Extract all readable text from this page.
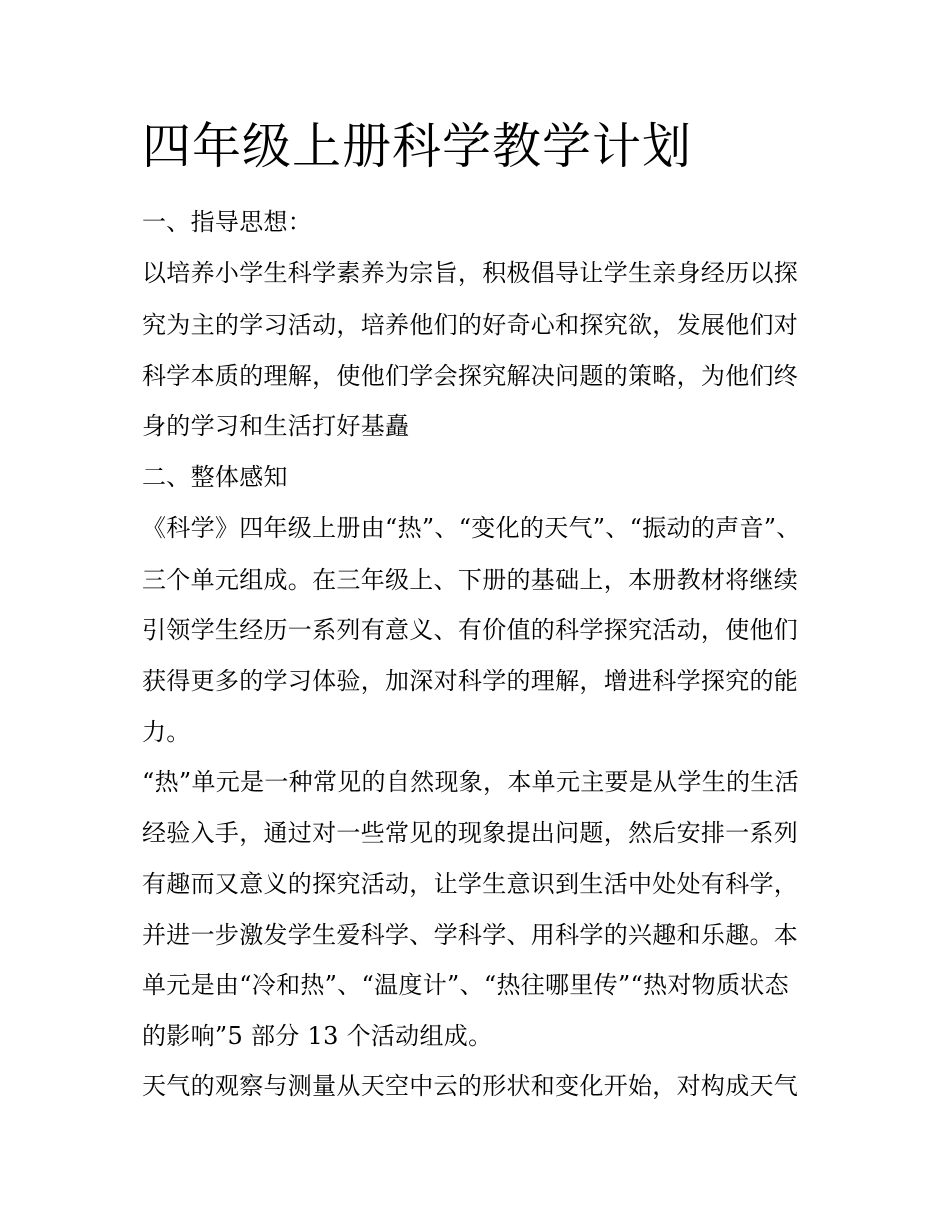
四年级上册科学教学计划
一、指导思想：
以培养小学生科学素养为宗旨，积极倡导让学生亲身经历以探
究为主的学习活动，培养他们的好奇心和探究欲，发展他们对
科学本质的理解，使他们学会探究解决问题的策略，为他们终
身的学习和生活打好基矗
二、整体感知
《科学》四年级上册由“热”、“变化的天气”、“振动的声音”、
三个单元组成。在三年级上、下册的基础上，本册教材将继续
引领学生经历一系列有意义、有价值的科学探究活动，使他们
获得更多的学习体验，加深对科学的理解，增进科学探究的能
力。
“热”单元是一种常见的自然现象，本单元主要是从学生的生活
经验入手，通过对一些常见的现象提出问题，然后安排一系列
有趣而又意义的探究活动，让学生意识到生活中处处有科学，
并进一步激发学生爱科学、学科学、用科学的兴趣和乐趣。本
单元是由“冷和热”、“温度计”、“热往哪里传”“热对物质状态
的影响”5 部分 13 个活动组成。
天气的观察与测量从天空中云的形状和变化开始，对构成天气
